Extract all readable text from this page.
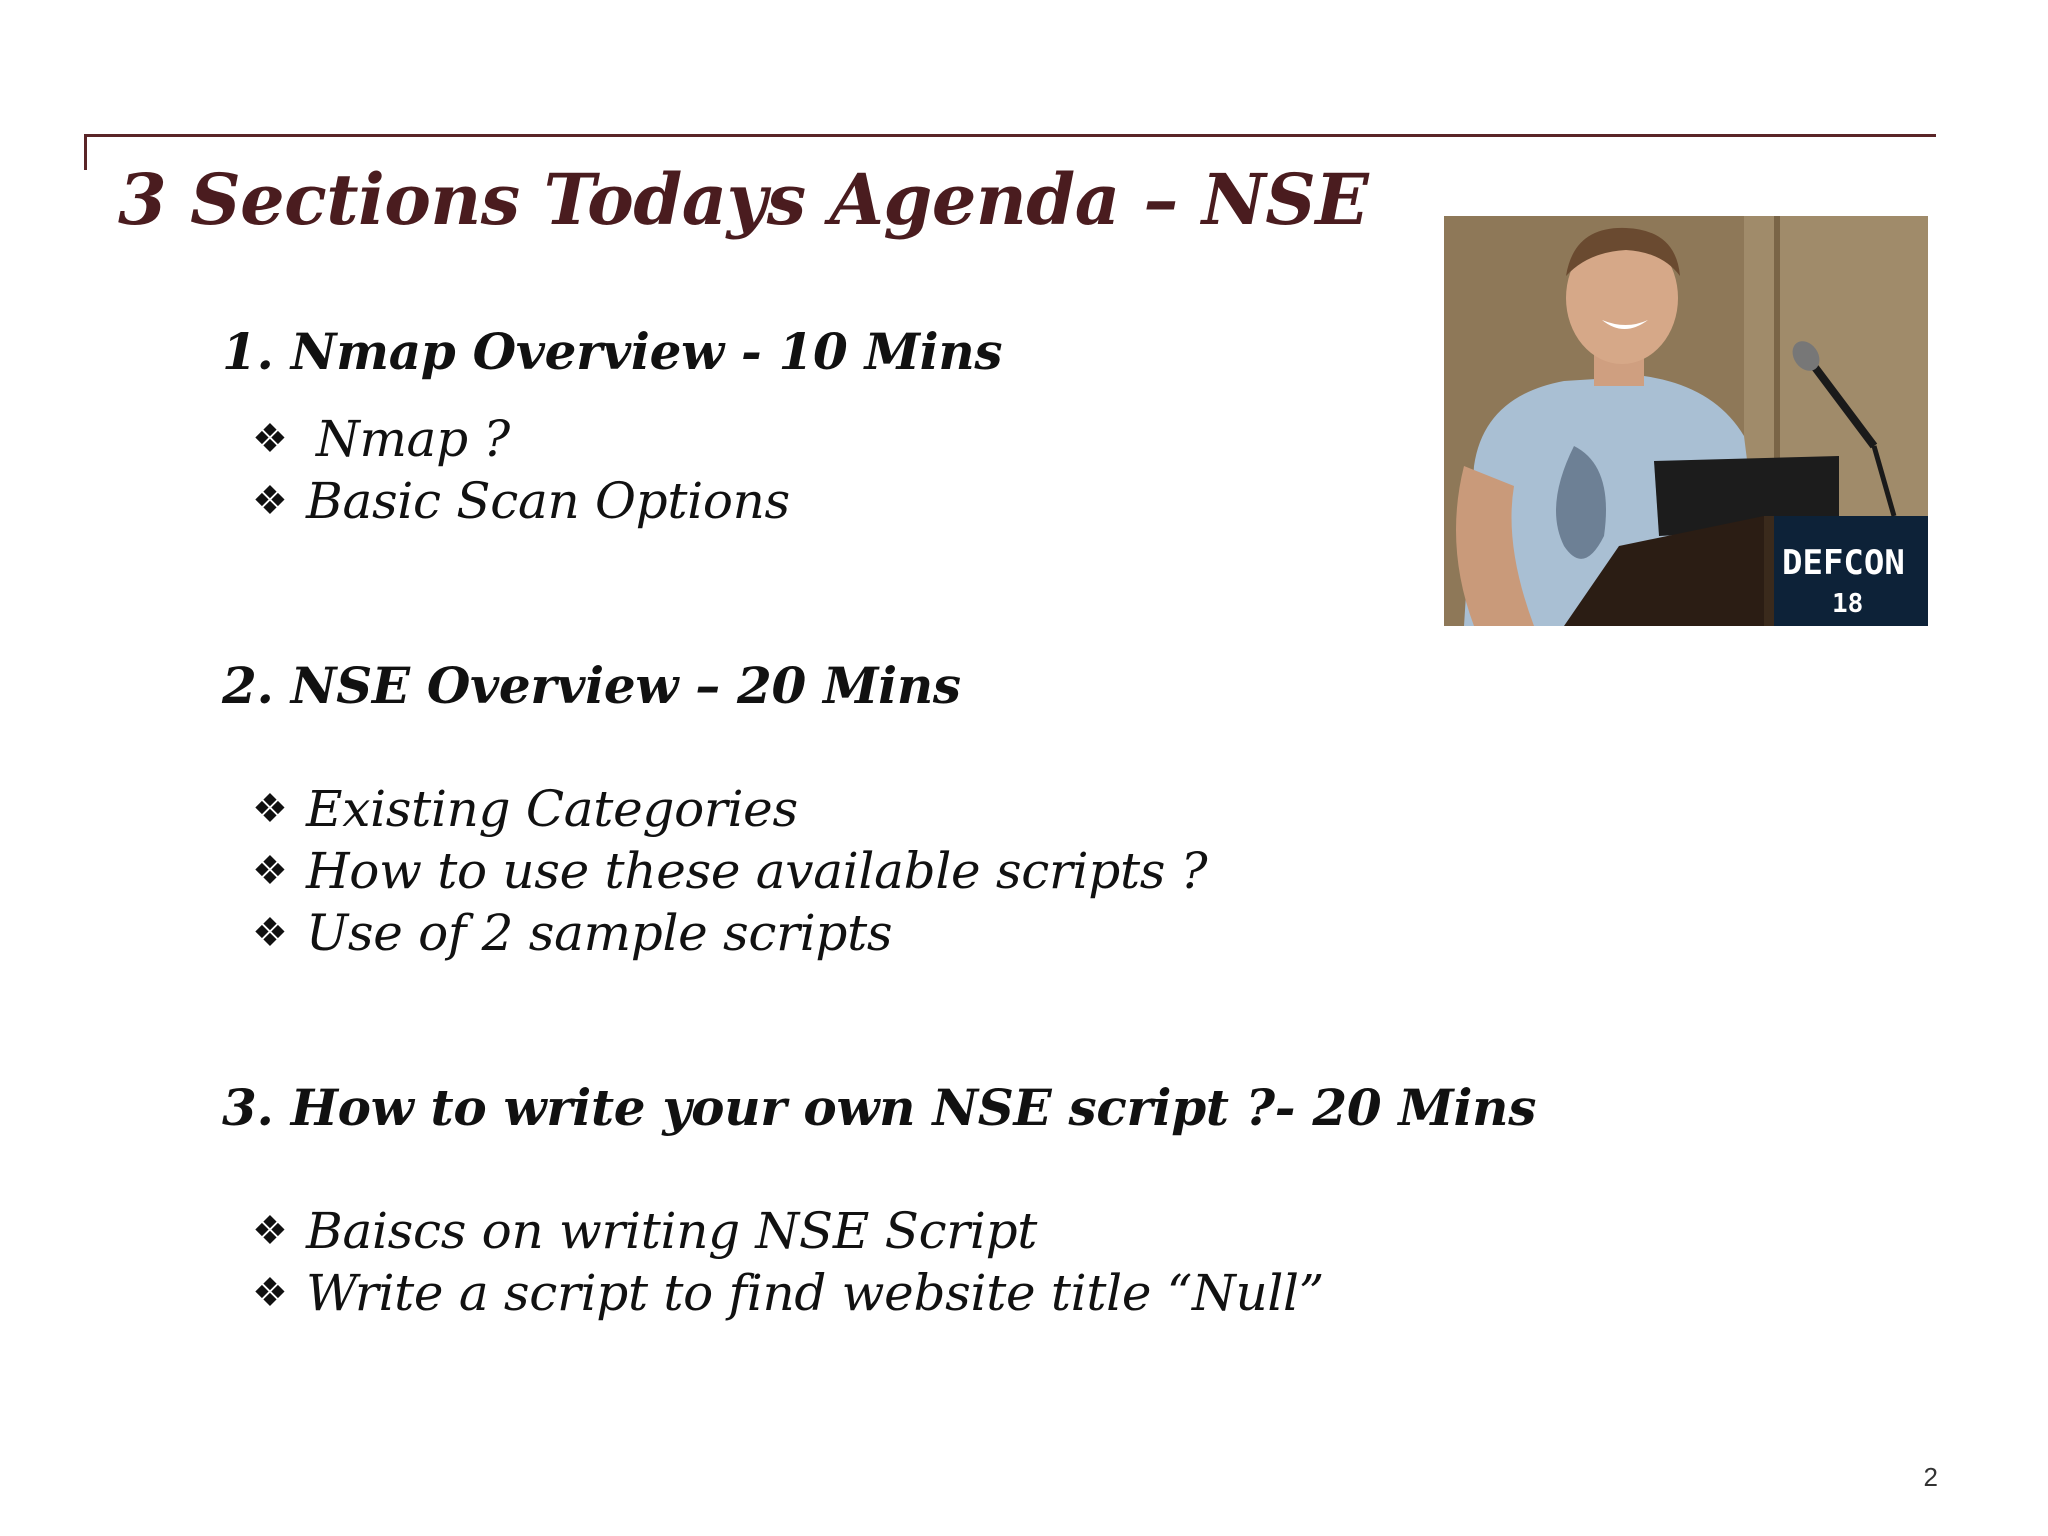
3 Sections Todays Agenda – NSE
1. Nmap Overview - 10 Mins
❖ Nmap ?
❖ Basic Scan Options
2. NSE Overview – 20 Mins
❖ Existing Categories
❖ How to use these available scripts ?
❖ Use of 2 sample scripts
3. How to write your own NSE script ?- 20 Mins
❖ Baiscs on writing NSE Script
❖ Write a script to find website title “Null”
DEFCON
18
2
